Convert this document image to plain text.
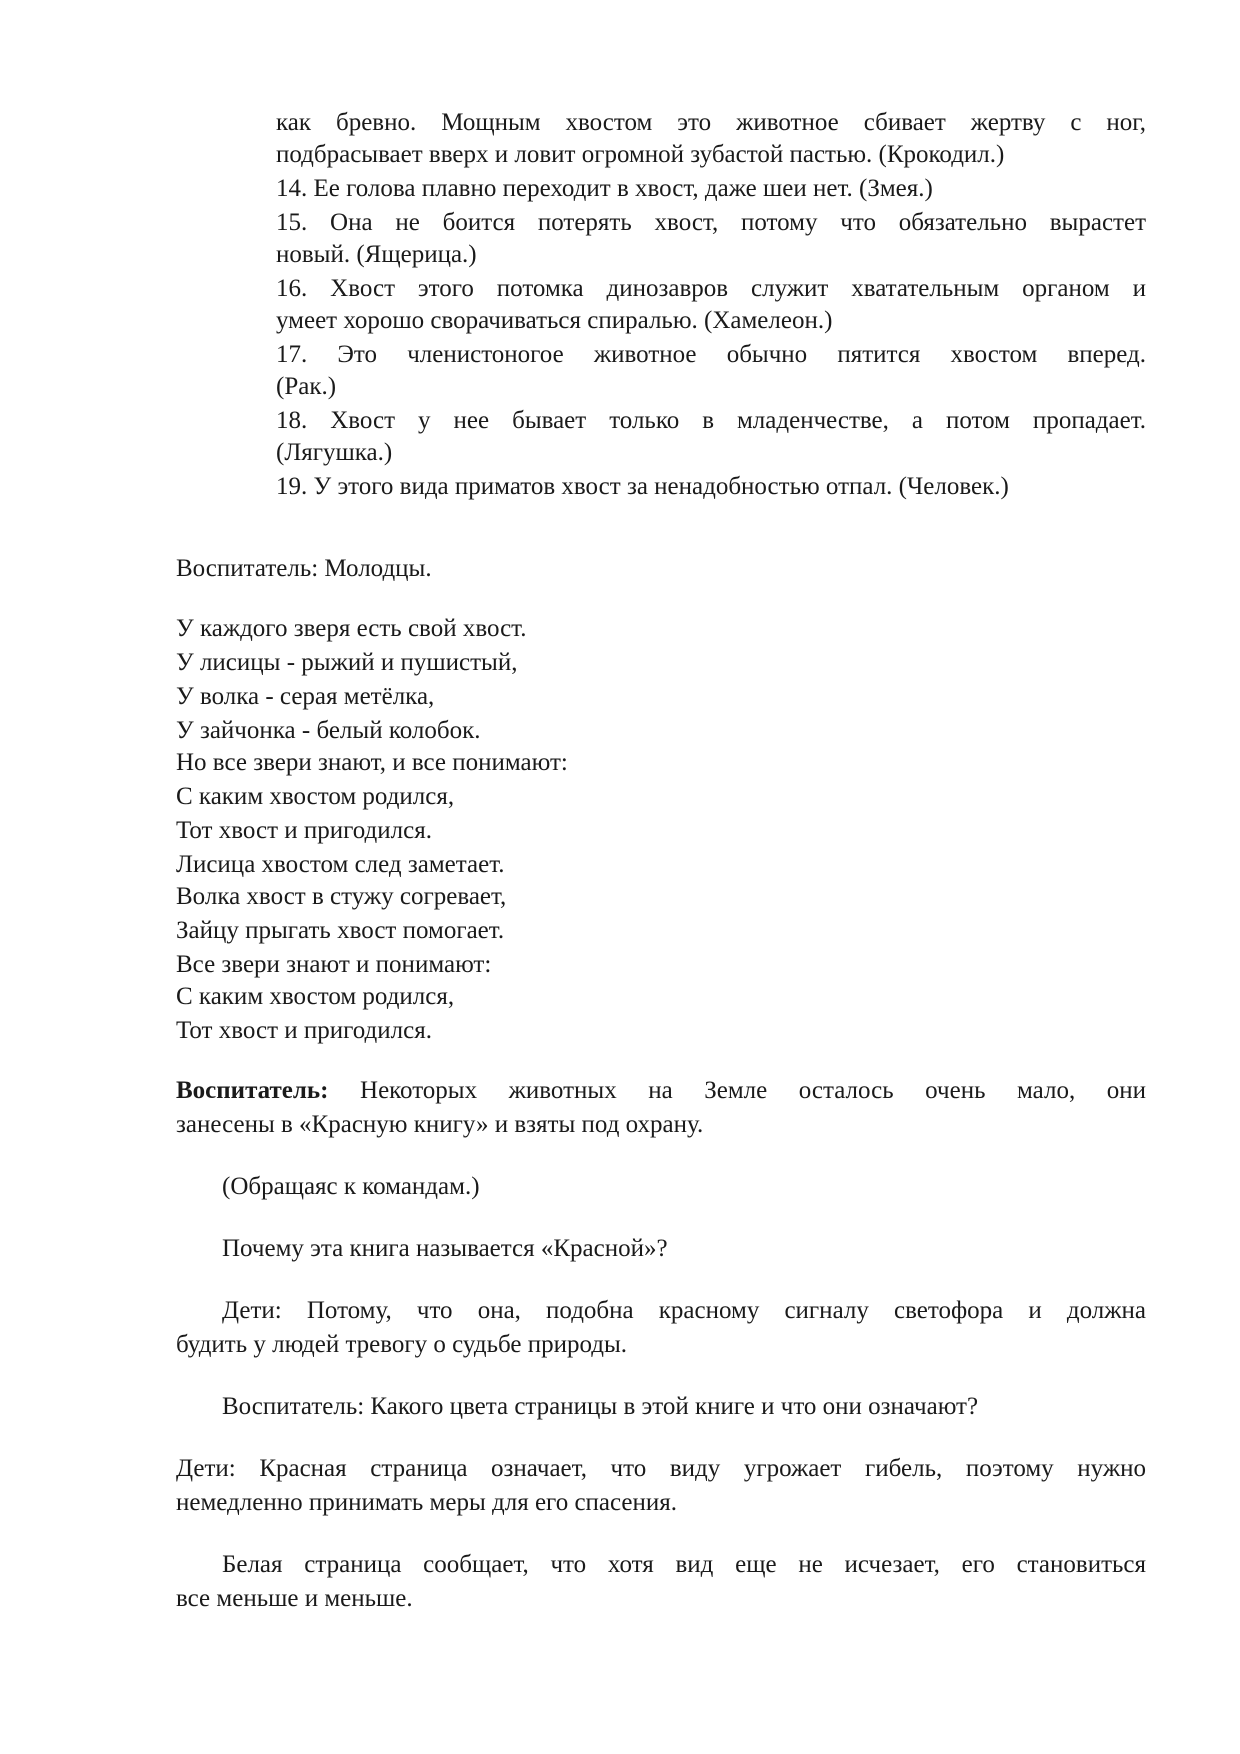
как бревно. Мощным хвостом это животное сбивает жертву с ног,
подбрасывает вверх и ловит огромной зубастой пастью. (Крокодил.)
14. Ее голова плавно переходит в хвост, даже шеи нет. (Змея.)
15. Она не боится потерять хвост, потому что обязательно вырастет
новый. (Ящерица.)
16. Хвост этого потомка динозавров служит хватательным органом и
умеет хорошо сворачиваться спиралью. (Хамелеон.)
17. Это членистоногое животное обычно пятится хвостом вперед.
(Рак.)
18. Хвост у нее бывает только в младенчестве, а потом пропадает.
(Лягушка.)
19. У этого вида приматов хвост за ненадобностью отпал. (Человек.)
Воспитатель: Молодцы.
У каждого зверя есть свой хвост.
У лисицы - рыжий и пушистый,
У волка - серая метёлка,
У зайчонка - белый колобок.
Но все звери знают, и все понимают:
С каким хвостом родился,
Тот хвост и пригодился.
Лисица хвостом след заметает.
Волка хвост в стужу согревает,
Зайцу прыгать хвост помогает.
Все звери знают и понимают:
С каким хвостом родился,
Тот хвост и пригодился.
Воспитатель: Некоторых животных на Земле осталось очень мало, они
занесены в «Красную книгу» и взяты под охрану.
(Обращаяс к командам.)
Почему эта книга называется «Красной»?
Дети: Потому, что она, подобна красному сигналу светофора и должна
будить у людей тревогу о судьбе природы.
Воспитатель: Какого цвета страницы в этой книге и что они означают?
Дети: Красная страница означает, что виду угрожает гибель, поэтому нужно
немедленно принимать меры для его спасения.
Белая страница сообщает, что хотя вид еще не исчезает, его становиться
все меньше и меньше.
